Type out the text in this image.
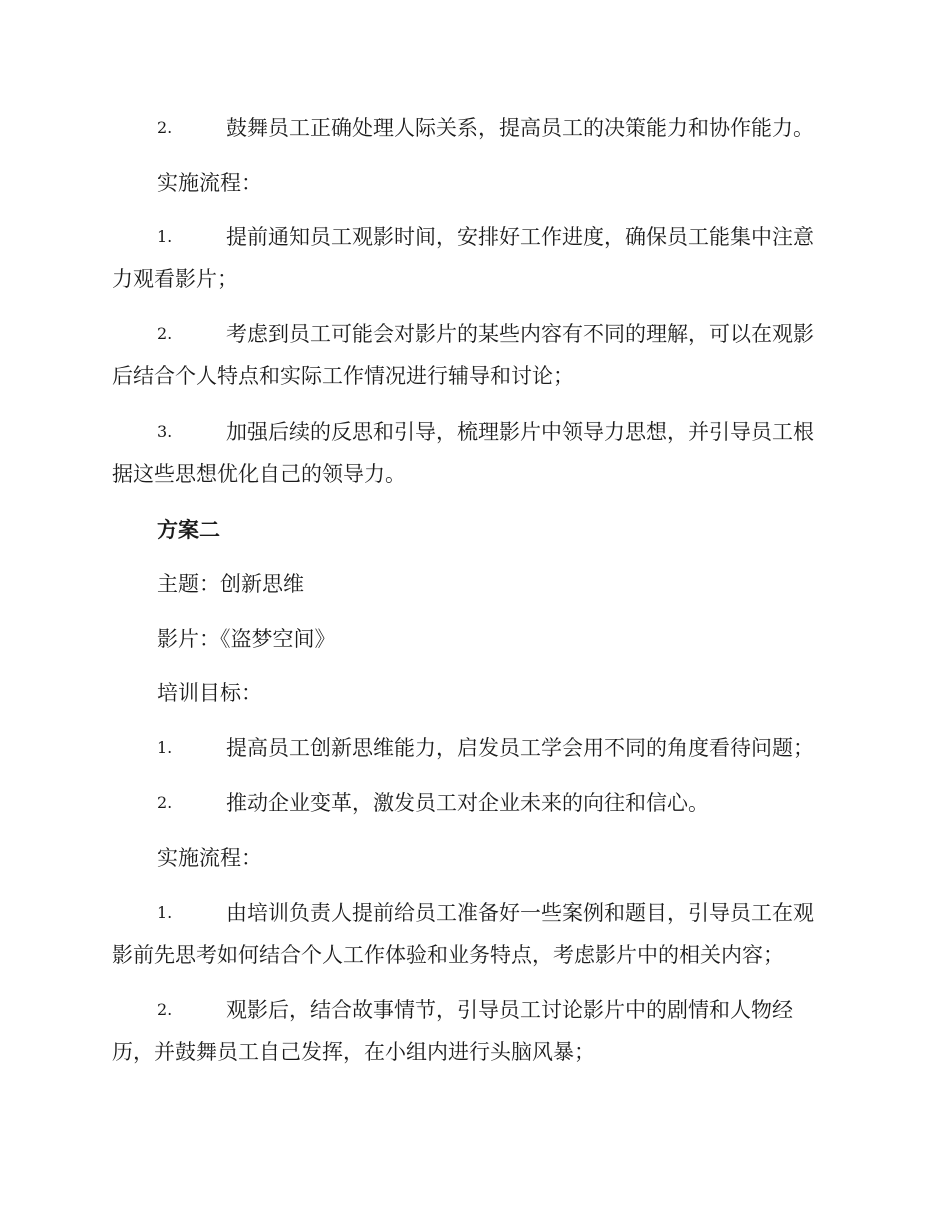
2.	鼓舞员工正确处理人际关系，提高员工的决策能力和协作能力。
实施流程：
1.	提前通知员工观影时间，安排好工作进度，确保员工能集中注意
力观看影片；
2.	考虑到员工可能会对影片的某些内容有不同的理解，可以在观影
后结合个人特点和实际工作情况进行辅导和讨论；
3.	加强后续的反思和引导，梳理影片中领导力思想，并引导员工根
据这些思想优化自己的领导力。
方案二
主题：创新思维
影片：《盗梦空间》
培训目标：
1.	提高员工创新思维能力，启发员工学会用不同的角度看待问题；
2.	推动企业变革，激发员工对企业未来的向往和信心。
实施流程：
1.	由培训负责人提前给员工准备好一些案例和题目，引导员工在观
影前先思考如何结合个人工作体验和业务特点，考虑影片中的相关内容；
2.	观影后，结合故事情节，引导员工讨论影片中的剧情和人物经
历，并鼓舞员工自己发挥，在小组内进行头脑风暴；
